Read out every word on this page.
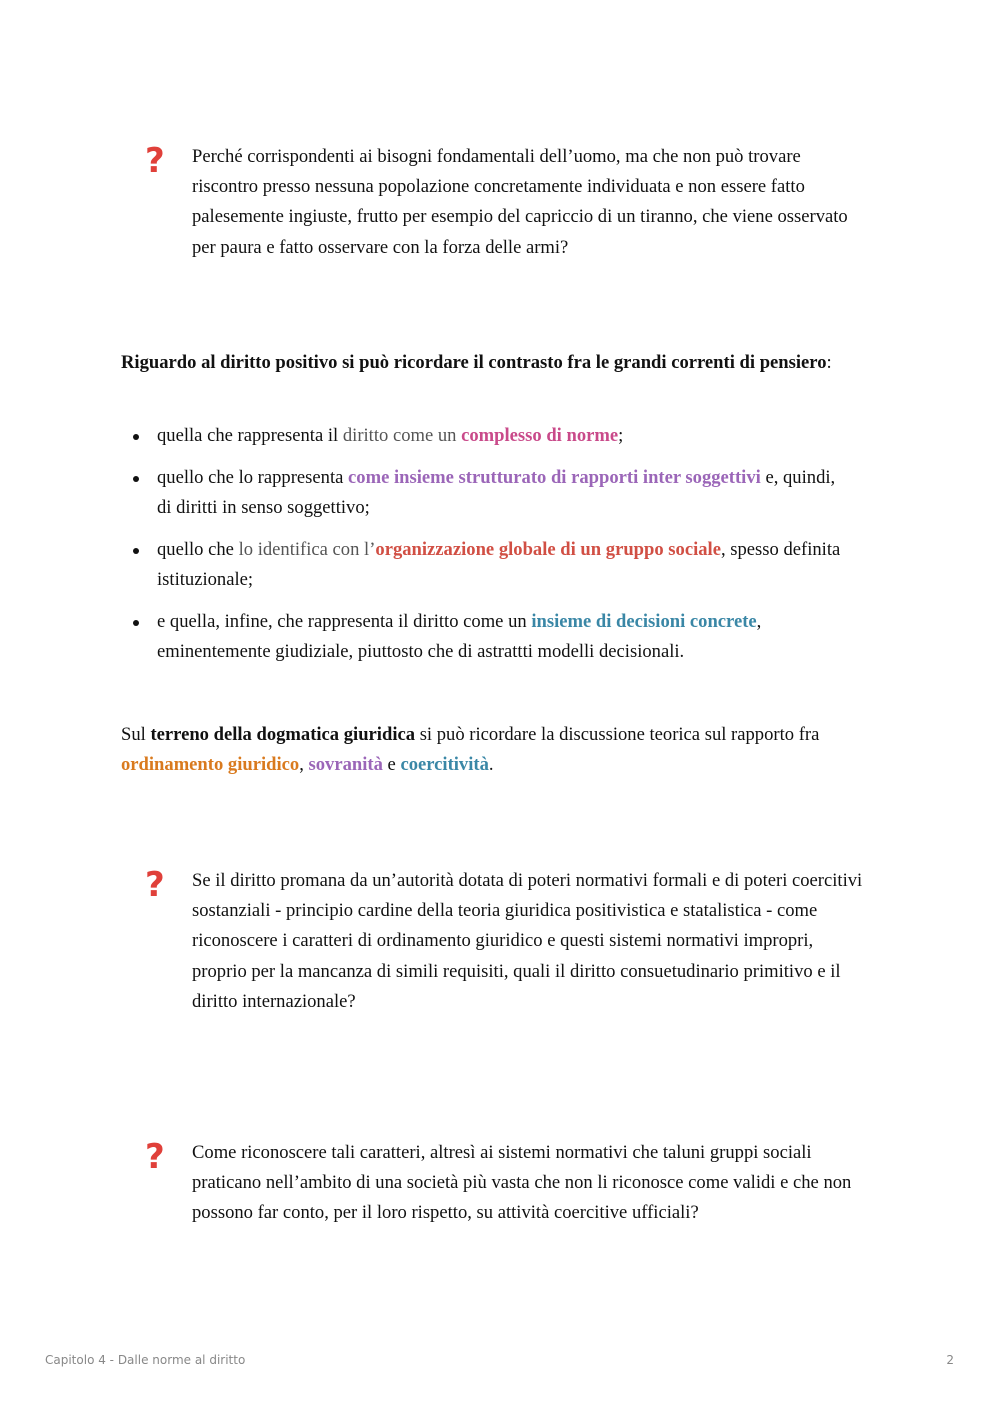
?	Perché corrispondenti ai bisogni fondamentali dell’uomo, ma che non può trovare riscontro presso nessuna popolazione concretamente individuata e non essere fatto palesemente ingiuste, frutto per esempio del capriccio di un tiranno, che viene osservato per paura e fatto osservare con la forza delle armi?
Riguardo al diritto positivo si può ricordare il contrasto fra le grandi correnti di pensiero:
quella che rappresenta il diritto come un complesso di norme;
quello che lo rappresenta come insieme strutturato di rapporti inter soggettivi e, quindi, di diritti in senso soggettivo;
quello che lo identifica con l’organizzazione globale di un gruppo sociale, spesso definita istituzionale;
e quella, infine, che rappresenta il diritto come un insieme di decisioni concrete, eminentemente giudiziale, piuttosto che di astrattti modelli decisionali.
Sul terreno della dogmatica giuridica si può ricordare la discussione teorica sul rapporto fra ordinamento giuridico, sovranità e coercitività.
?	Se il diritto promana da un’autorità dotata di poteri normativi formali e di poteri coercitivi sostanziali - principio cardine della teoria giuridica positivistica e statalistica - come riconoscere i caratteri di ordinamento giuridico e questi sistemi normativi impropri, proprio per la mancanza di simili requisiti, quali il diritto consuetudinario primitivo e il diritto internazionale?
?	Come riconoscere tali caratteri, altresì ai sistemi normativi che taluni gruppi sociali praticano nell’ambito di una società più vasta che non li riconosce come validi e che non possono far conto, per il loro rispetto, su attività coercitive ufficiali?
Capitolo 4 - Dalle norme al diritto	2
